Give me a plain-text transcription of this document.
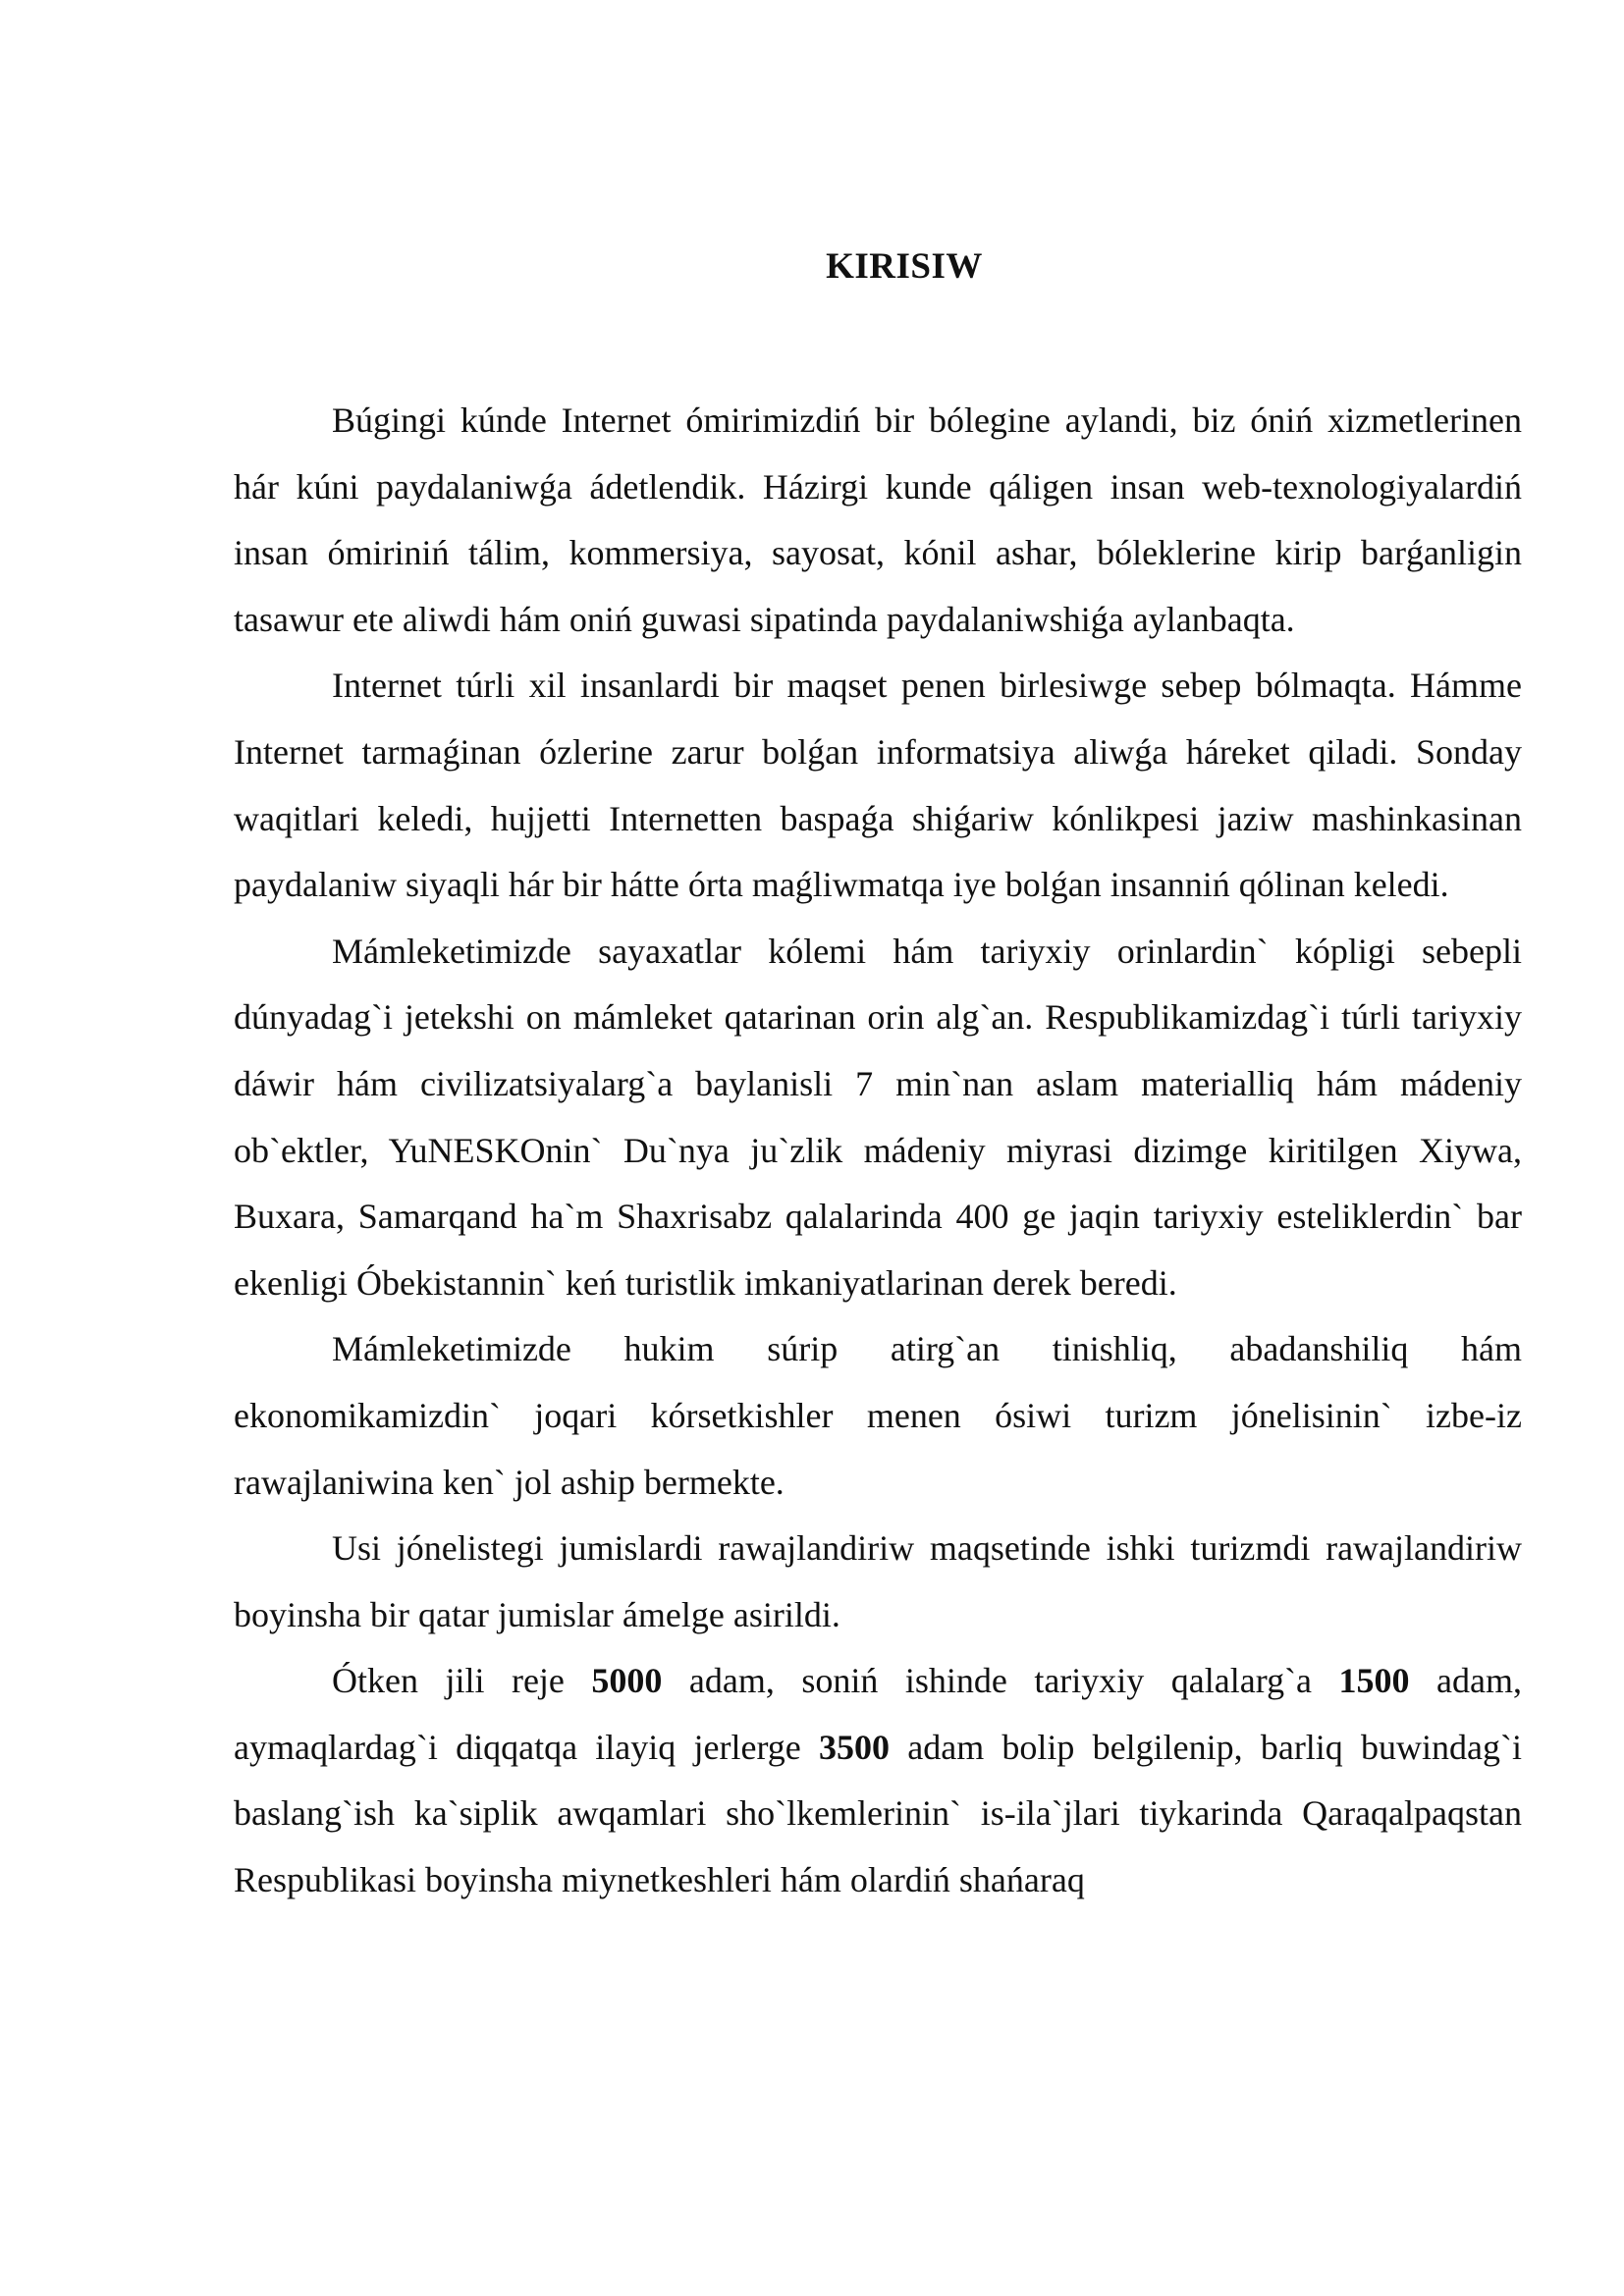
KIRISIW

Búgingi kúnde Internet ómirimizdiń bir bólegine aylandi, biz óniń xizmetlerinen hár kúni paydalaniwǵa ádetlendik. Házirgi kunde qáligen insan web-texnologiyalardiń insan ómiriniń tálim, kommersiya, sayosat, kónil ashar, bóleklerine kirip barǵanligin tasawur ete aliwdi hám oniń guwasi sipatinda paydalaniwshiǵa aylanbaqta.

Internet túrli xil insanlardi bir maqset penen birlesiwge sebep bólmaqta. Hámme Internet tarmaǵinan ózlerine zarur bolǵan informatsiya aliwǵa háreket qiladi. Sonday waqitlari keledi, hujjetti Internetten baspaǵa shiǵariw kónlikpesi jaziw mashinkasinan paydalaniw siyaqli hár bir hátte órta maǵliwmatqa iye bolǵan insanniń qólinan keledi.

Mámleketimizde sayaxatlar kólemi hám tariyxiy orinlardin` kópligi sebepli dúnyadag`i jetekshi on mámleket qatarinan orin alg`an. Respublikamizdag`i túrli tariyxiy dáwir hám civilizatsiyalarg`a baylanisli 7 min`nan aslam materialliq hám mádeniy ob`ektler, YuNESKOnin` Du`nya ju`zlik mádeniy miyrasi dizimge kiritilgen Xiywa, Buxara, Samarqand ha`m Shaxrisabz qalalarinda 400 ge jaqin tariyxiy esteliklerdin` bar ekenligi Óbekistannin` keń turistlik imkaniyatlarinan derek beredi.

Mámleketimizde hukim súrip atirg`an tinishliq, abadanshiliq hám ekonomikamizdin` joqari kórsetkishler menen ósiwi turizm jónelisinin` izbe-iz rawajlaniwina ken` jol aship bermekte.

Usi jónelistegi jumislardi rawajlandiriw maqsetinde ishki turizmdi rawajlandiriw boyinsha bir qatar jumislar ámelge asirildi.

Ótken jili reje 5000 adam, soniń ishinde tariyxiy qalalarg`a 1500 adam, aymaqlardag`i diqqatqa ilayiq jerlerge 3500 adam bolip belgilenip, barliq buwindag`i baslang`ish ka`siplik awqamlari sho`lkemlerinin` is-ila`jlari tiykarinda Qaraqalpaqstan Respublikasi boyinsha miynetkeshleri hám olardiń shańaraq
